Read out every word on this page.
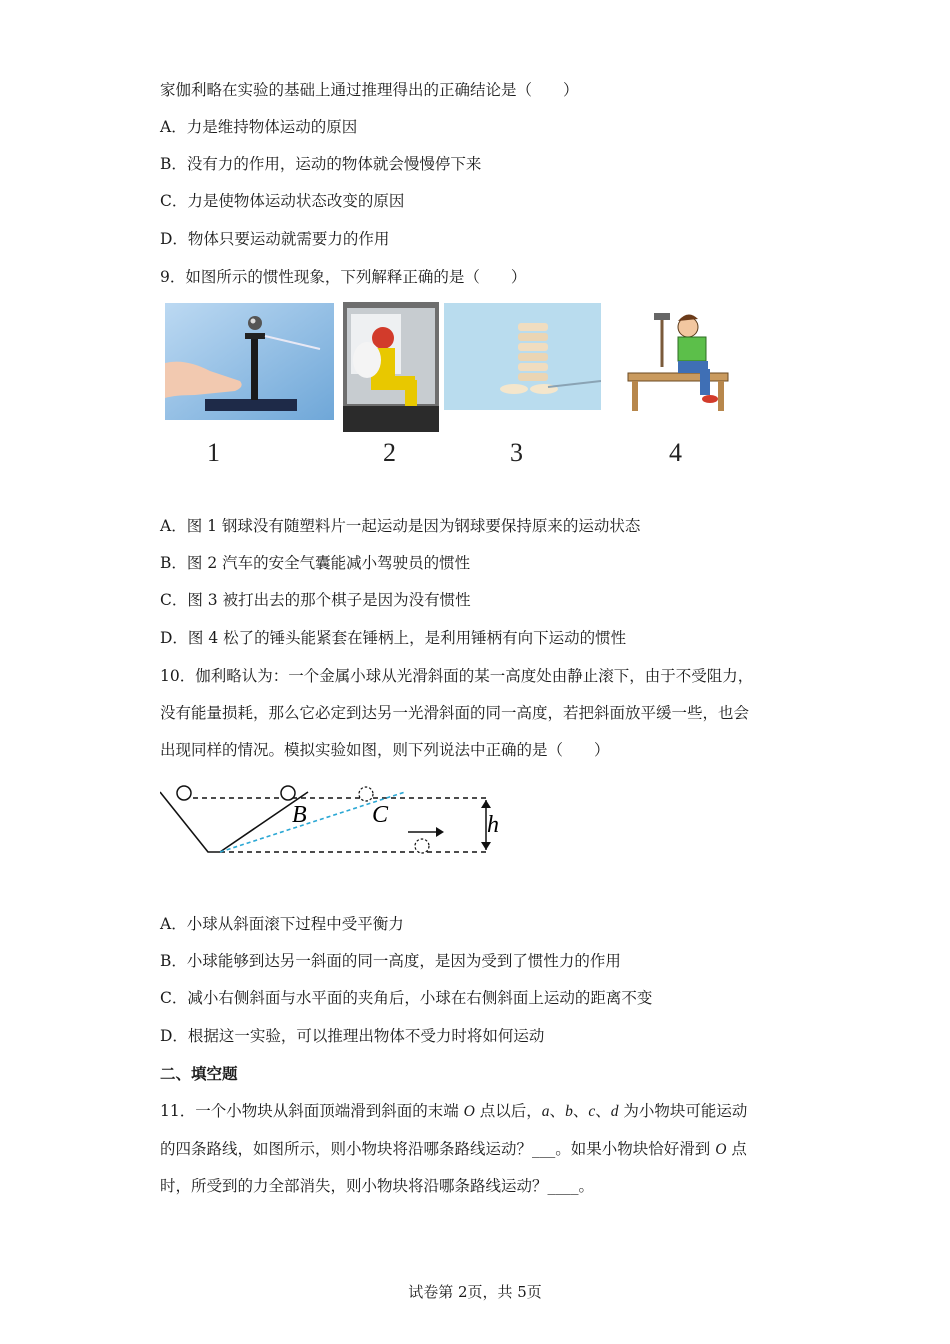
家伽利略在实验的基础上通过推理得出的正确结论是（　　）
A．力是维持物体运动的原因
B．没有力的作用，运动的物体就会慢慢停下来
C．力是使物体运动状态改变的原因
D．物体只要运动就需要力的作用
9．如图所示的惯性现象，下列解释正确的是（　　）
1	2	3	4
A．图 1 钢球没有随塑料片一起运动是因为钢球要保持原来的运动状态
B．图 2 汽车的安全气囊能减小驾驶员的惯性
C．图 3 被打出去的那个棋子是因为没有惯性
D．图 4 松了的锤头能紧套在锤柄上，是利用锤柄有向下运动的惯性
10．伽利略认为：一个金属小球从光滑斜面的某一高度处由静止滚下，由于不受阻力，
没有能量损耗，那么它必定到达另一光滑斜面的同一高度，若把斜面放平缓一些，也会
出现同样的情况。模拟实验如图，则下列说法中正确的是（　　）
B	C	h
A．小球从斜面滚下过程中受平衡力
B．小球能够到达另一斜面的同一高度，是因为受到了惯性力的作用
C．减小右侧斜面与水平面的夹角后，小球在右侧斜面上运动的距离不变
D．根据这一实验，可以推理出物体不受力时将如何运动
二、填空题
11．一个小物块从斜面顶端滑到斜面的末端 O 点以后，a、b、c、d 为小物块可能运动
的四条路线，如图所示，则小物块将沿哪条路线运动？___。如果小物块恰好滑到 O 点
时，所受到的力全部消失，则小物块将沿哪条路线运动？____。
试卷第 2页，共 5页
